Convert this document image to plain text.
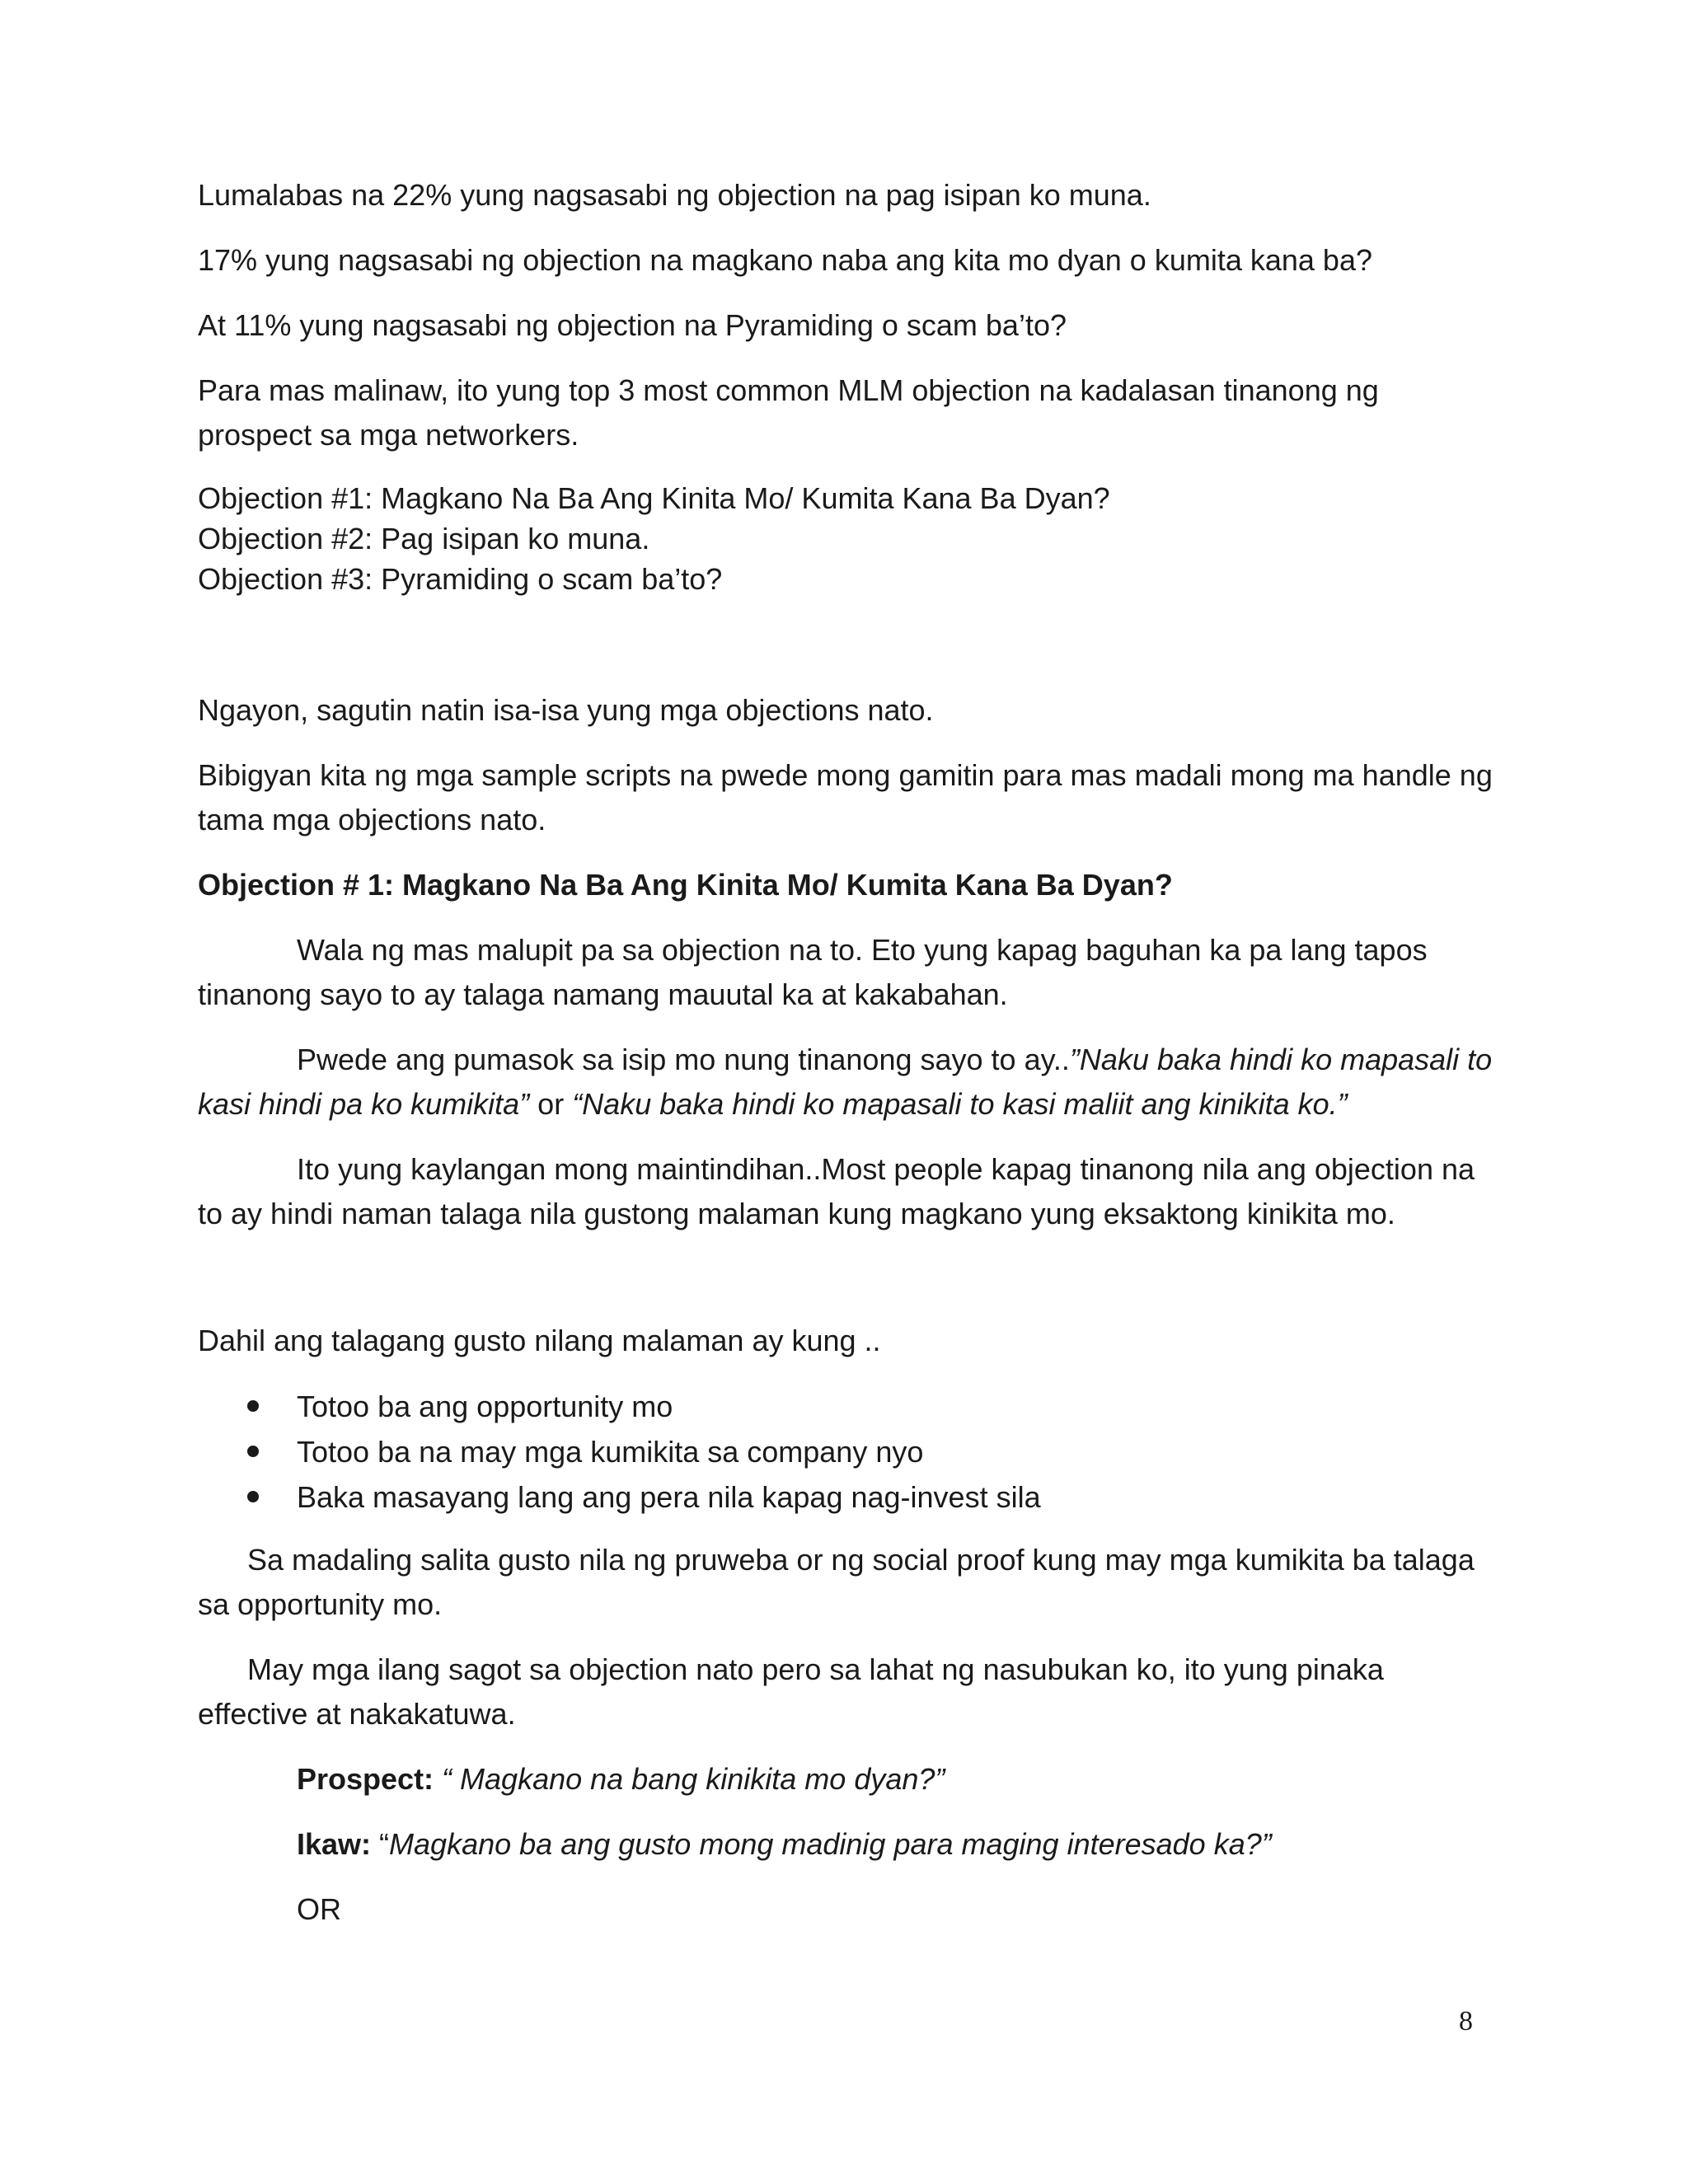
Lumalabas na 22% yung nagsasabi ng objection na pag isipan ko muna.

17% yung nagsasabi ng objection na magkano naba ang kita mo dyan o kumita kana ba?

At 11% yung nagsasabi ng objection na Pyramiding o scam ba’to?

Para mas malinaw, ito yung top 3 most common MLM objection na kadalasan tinanong ng prospect sa mga networkers.

Objection #1: Magkano Na Ba Ang Kinita Mo/ Kumita Kana Ba Dyan?
Objection #2: Pag isipan ko muna.
Objection #3: Pyramiding o scam ba’to?

Ngayon, sagutin natin isa-isa yung mga objections nato.

Bibigyan kita ng mga sample scripts na pwede mong gamitin para mas madali mong ma handle ng tama mga objections nato.

Objection # 1: Magkano Na Ba Ang Kinita Mo/ Kumita Kana Ba Dyan?

Wala ng mas malupit pa sa objection na to. Eto yung kapag baguhan ka pa lang tapos tinanong sayo to ay talaga namang mauutal ka at kakabahan.

Pwede ang pumasok sa isip mo nung tinanong sayo to ay..”Naku baka hindi ko mapasali to kasi hindi pa ko kumikita” or “Naku baka hindi ko mapasali to kasi maliit ang kinikita ko.”

Ito yung kaylangan mong maintindihan..Most people kapag tinanong nila ang objection na to ay hindi naman talaga nila gustong malaman kung magkano yung eksaktong kinikita mo.

Dahil ang talagang gusto nilang malaman ay kung ..

Totoo ba ang opportunity mo
Totoo ba na may mga kumikita sa company nyo
Baka masayang lang ang pera nila kapag nag-invest sila

Sa madaling salita gusto nila ng pruweba or ng social proof kung may mga kumikita ba talaga sa opportunity mo.

May mga ilang sagot sa objection nato pero sa lahat ng nasubukan ko, ito yung pinaka effective at nakakatuwa.

Prospect: “ Magkano na bang kinikita mo dyan?”

Ikaw: “Magkano ba ang gusto mong madinig para maging interesado ka?”

OR

8
